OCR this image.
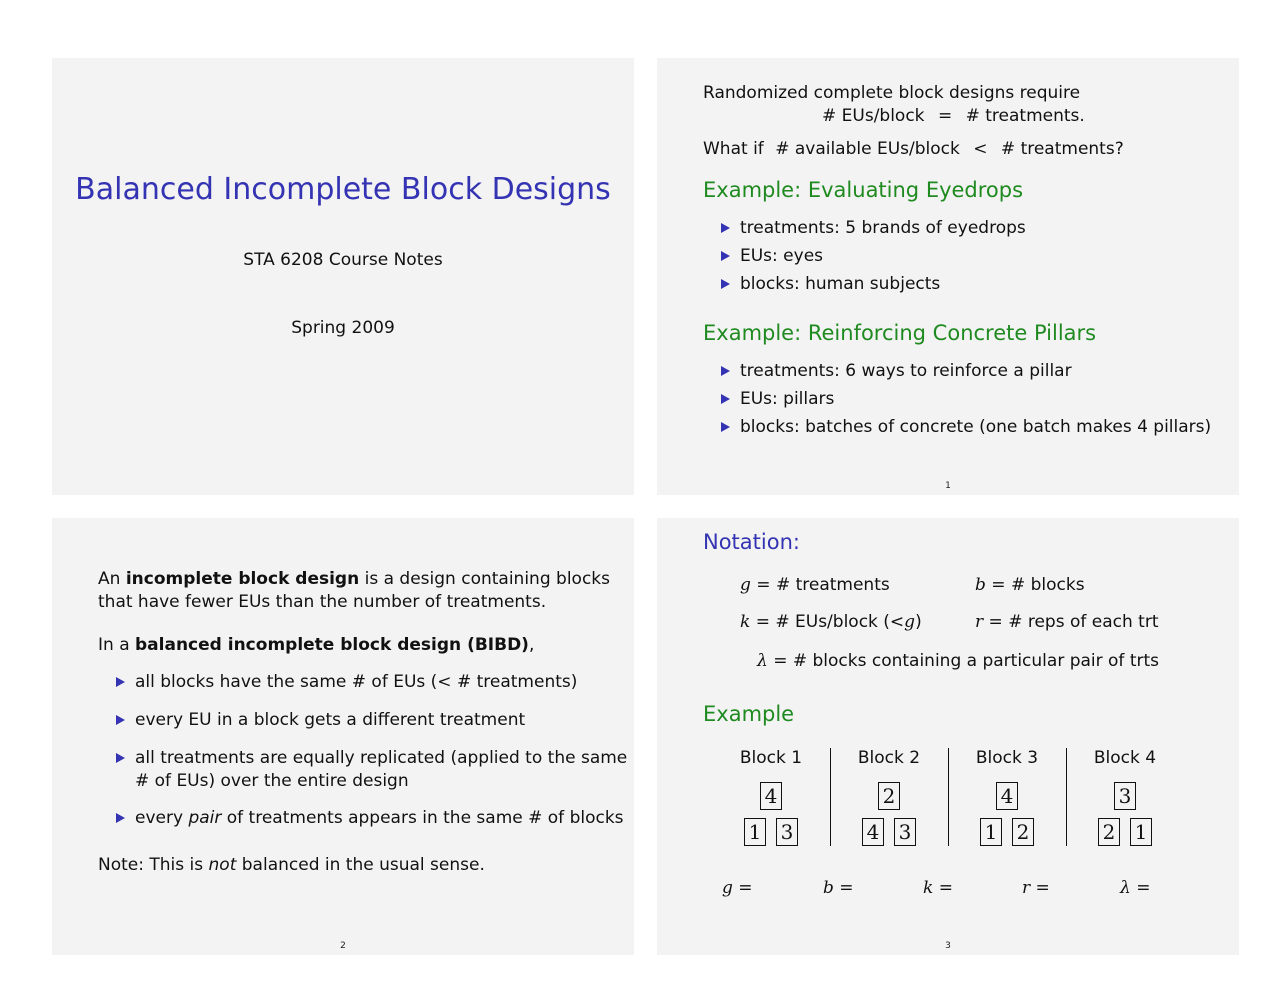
Balanced Incomplete Block Designs
STA 6208 Course Notes
Spring 2009
Randomized complete block designs require
# EUs/block = # treatments.
What if # available EUs/block < # treatments?
Example: Evaluating Eyedrops
treatments: 5 brands of eyedrops
EUs: eyes
blocks: human subjects
Example: Reinforcing Concrete Pillars
treatments: 6 ways to reinforce a pillar
EUs: pillars
blocks: batches of concrete (one batch makes 4 pillars)
1
An incomplete block design is a design containing blocks
that have fewer EUs than the number of treatments.
In a balanced incomplete block design (BIBD),
all blocks have the same # of EUs (< # treatments)
every EU in a block gets a different treatment
all treatments are equally replicated (applied to the same
# of EUs) over the entire design
every pair of treatments appears in the same # of blocks
Note: This is not balanced in the usual sense.
2
Notation:
g = # treatments	b = # blocks
k = # EUs/block (<g)	r = # reps of each trt
λ = # blocks containing a particular pair of trts
Example
Block 1
4
1 3
Block 2
2
4 3
Block 3
4
1 2
Block 4
3
2 1
g =	b =	k =	r =	λ =
3
